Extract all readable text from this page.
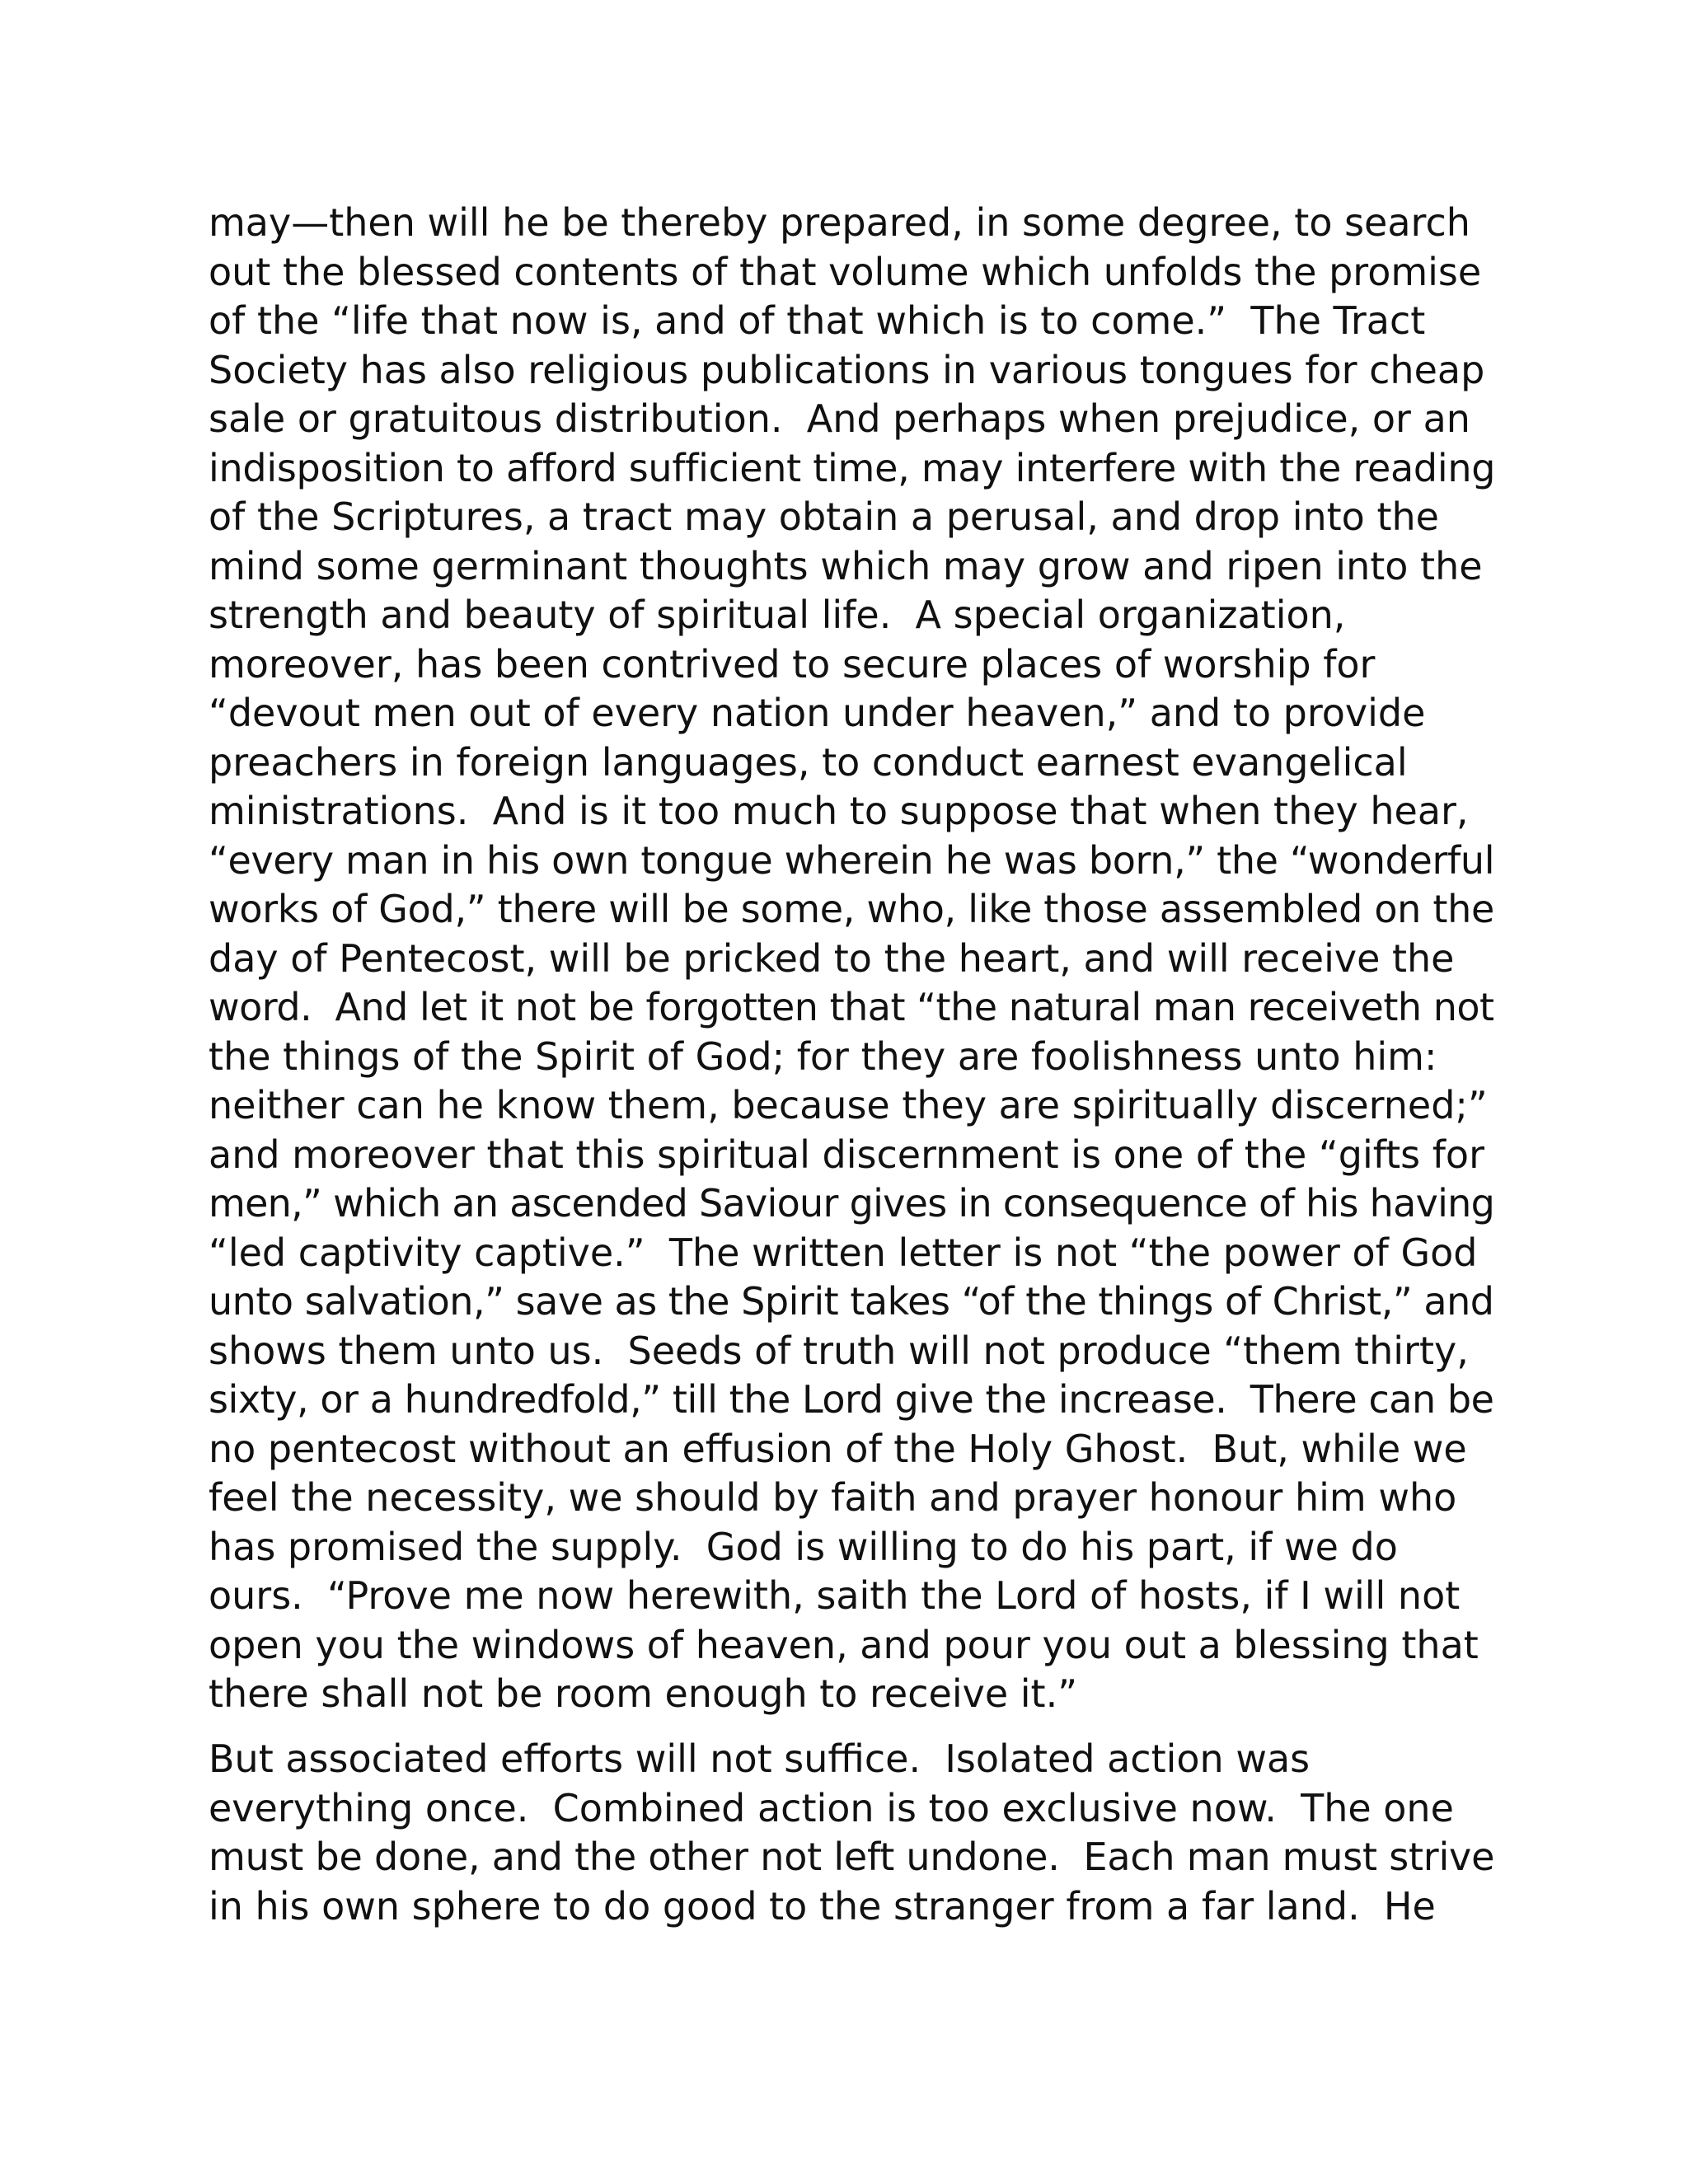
may—then will he be thereby prepared, in some degree, to search
out the blessed contents of that volume which unfolds the promise
of the “life that now is, and of that which is to come.”  The Tract
Society has also religious publications in various tongues for cheap
sale or gratuitous distribution.  And perhaps when prejudice, or an
indisposition to afford sufficient time, may interfere with the reading
of the Scriptures, a tract may obtain a perusal, and drop into the
mind some germinant thoughts which may grow and ripen into the
strength and beauty of spiritual life.  A special organization,
moreover, has been contrived to secure places of worship for
“devout men out of every nation under heaven,” and to provide
preachers in foreign languages, to conduct earnest evangelical
ministrations.  And is it too much to suppose that when they hear,
“every man in his own tongue wherein he was born,” the “wonderful
works of God,” there will be some, who, like those assembled on the
day of Pentecost, will be pricked to the heart, and will receive the
word.  And let it not be forgotten that “the natural man receiveth not
the things of the Spirit of God; for they are foolishness unto him:
neither can he know them, because they are spiritually discerned;”
and moreover that this spiritual discernment is one of the “gifts for
men,” which an ascended Saviour gives in consequence of his having
“led captivity captive.”  The written letter is not “the power of God
unto salvation,” save as the Spirit takes “of the things of Christ,” and
shows them unto us.  Seeds of truth will not produce “them thirty,
sixty, or a hundredfold,” till the Lord give the increase.  There can be
no pentecost without an effusion of the Holy Ghost.  But, while we
feel the necessity, we should by faith and prayer honour him who
has promised the supply.  God is willing to do his part, if we do
ours.  “Prove me now herewith, saith the Lord of hosts, if I will not
open you the windows of heaven, and pour you out a blessing that
there shall not be room enough to receive it.”
But associated efforts will not suffice.  Isolated action was
everything once.  Combined action is too exclusive now.  The one
must be done, and the other not left undone.  Each man must strive
in his own sphere to do good to the stranger from a far land.  He
